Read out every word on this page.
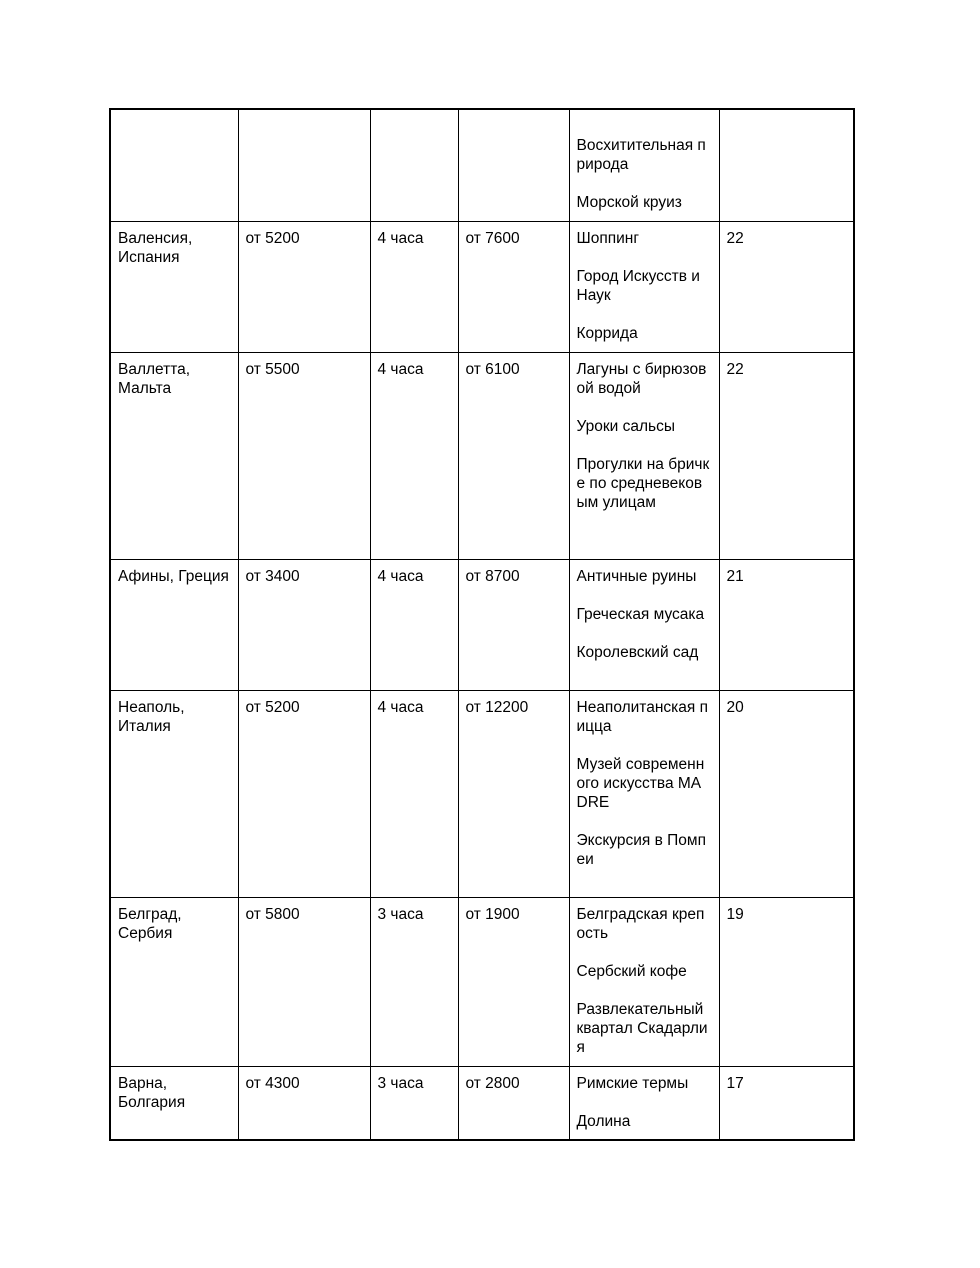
				Восхитительная природа
Морской круиз	

Валенсия, Испания	от 5200	4 часа	от 7600	Шоппинг
Город Искусств и Наук
Коррида	22
Валлетта, Мальта	от 5500	4 часа	от 6100	Лагуны с бирюзовой водой
Уроки сальсы
Прогулки на бричке по средневековым улицам	22
Афины, Греция	от 3400	4 часа	от 8700	Античные руины
Греческая мусака
Королевский сад	21
Неаполь, Италия	от 5200	4 часа	от 12200	Неаполитанская пицца
Музей современного искусства MADRE
Экскурсия в Помпеи	20
Белград, Сербия	от 5800	3 часа	от 1900	Белградская крепость
Сербский кофе
Развлекательный квартал Скадарлия	19
Варна, Болгария	от 4300	3 часа	от 2800	Римские термы
Долина	17
